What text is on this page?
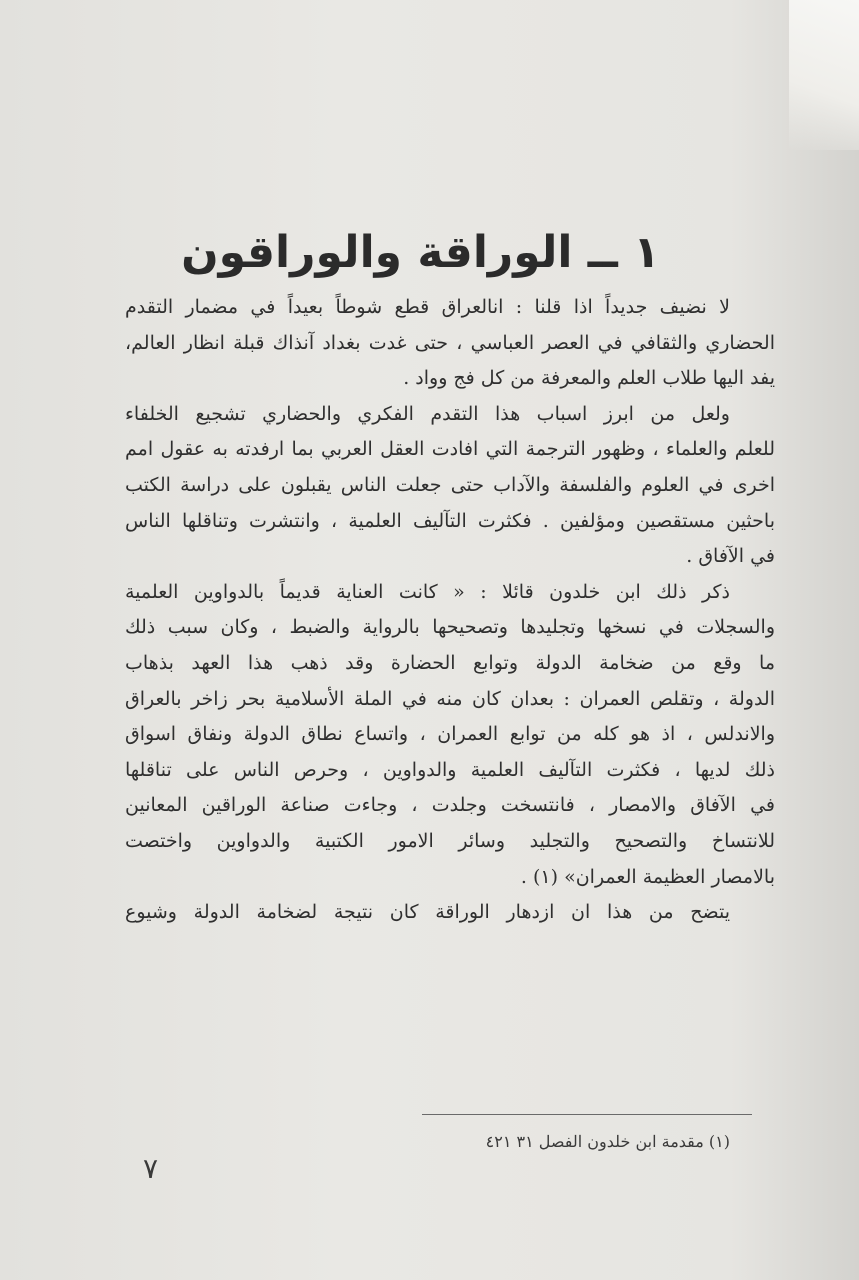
١ ــ الوراقة والوراقون
لا نضيف جديداً اذا قلنا : انالعراق قطع شوطاً بعيداً في مضمار التقدم
الحضاري والثقافي في العصر العباسي ، حتى غدت بغداد آنذاك قبلة انظار العالم،
يفد اليها طلاب العلم والمعرفة من كل فج وواد .
ولعل من ابرز اسباب هذا التقدم الفكري والحضاري تشجيع الخلفاء
للعلم والعلماء ، وظهور الترجمة التي افادت العقل العربي بما ارفدته به عقول امم
اخرى في العلوم والفلسفة والآداب حتى جعلت الناس يقبلون على دراسة الكتب
باحثين مستقصين ومؤلفين . فكثرت التآليف العلمية ، وانتشرت وتناقلها الناس
في الآفاق .
ذكر ذلك ابن خلدون قائلا : « كانت العناية قديماً بالدواوين العلمية
والسجلات في نسخها وتجليدها وتصحيحها بالرواية والضبط ، وكان سبب ذلك
ما وقع من ضخامة الدولة وتوابع الحضارة وقد ذهب هذا العهد بذهاب
الدولة ، وتقلص العمران : بعدان كان منه في الملة الأسلامية بحر زاخر بالعراق
والاندلس ، اذ هو كله من توابع العمران ، واتساع نطاق الدولة ونفاق اسواق
ذلك لديها ، فكثرت التآليف العلمية والدواوين ، وحرص الناس على تناقلها
في الآفاق والامصار ، فانتسخت وجلدت ، وجاءت صناعة الوراقين المعانين
للانتساخ والتصحيح والتجليد وسائر الامور الكتبية والدواوين واختصت
بالامصار العظيمة العمران» (١) .
يتضح من هذا ان ازدهار الوراقة كان نتيجة لضخامة الدولة وشيوع
(١) مقدمة ابن خلدون الفصل ٣١ ٤٢١
٧
